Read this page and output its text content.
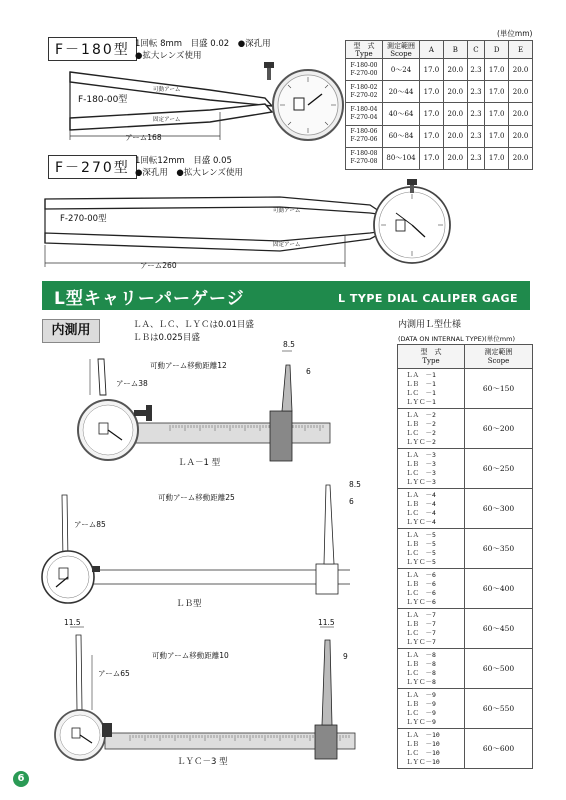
F－180型 1回転 8mm　目盛 0.02　●深孔用
●拡大レンズ使用
F-180-00型
可動アーム
固定アーム
アーム168
(単位mm)
型　式
Type	測定範囲
Scope	A	B	C	D	E

F-180-00
F-270-00	0～24	17.0	20.0	2.3	17.0	20.0

F-180-02
F-270-02	20～44	17.0	20.0	2.3	17.0	20.0

F-180-04
F-270-04	40～64	17.0	20.0	2.3	17.0	20.0

F-180-06
F-270-06	60～84	17.0	20.0	2.3	17.0	20.0

F-180-08
F-270-08	80～104	17.0	20.0	2.3	17.0	20.0
F－270型 1回転12mm　目盛 0.05
●深孔用　●拡大レンズ使用
F-270-00型
可動アーム
固定アーム
アーム260
L型キャリーパーゲージ	L TYPE DIAL CALIPER GAGE
内測用	ＬＡ、ＬＣ、ＬＹＣは0.01目盛
ＬＢは0.025目盛
可動アーム移動距離12
アーム38
8.5
6
ＬＡ－1 型
可動アーム移動距離25
アーム85
8.5
6
ＬＢ型
可動アーム移動距離10
アーム65
11.5	11.5
9
ＬＹＣ－3 型
内測用Ｌ型仕様
(DATA ON INTERNAL TYPE)(単位mm)
型　式
Type	測定範囲
Scope

ＬＡ　－1
ＬＢ　－1
ＬＣ　－1
ＬＹＣ－1	60～150

ＬＡ　－2
ＬＢ　－2
ＬＣ　－2
ＬＹＣ－2	60～200

ＬＡ　－3
ＬＢ　－3
ＬＣ　－3
ＬＹＣ－3	60～250

ＬＡ　－4
ＬＢ　－4
ＬＣ　－4
ＬＹＣ－4	60～300

ＬＡ　－5
ＬＢ　－5
ＬＣ　－5
ＬＹＣ－5	60～350

ＬＡ　－6
ＬＢ　－6
ＬＣ　－6
ＬＹＣ－6	60～400

ＬＡ　－7
ＬＢ　－7
ＬＣ　－7
ＬＹＣ－7	60～450

ＬＡ　－8
ＬＢ　－8
ＬＣ　－8
ＬＹＣ－8	60～500

ＬＡ　－9
ＬＢ　－9
ＬＣ　－9
ＬＹＣ－9	60～550

ＬＡ　－10
ＬＢ　－10
ＬＣ　－10
ＬＹＣ－10	60～600
6
